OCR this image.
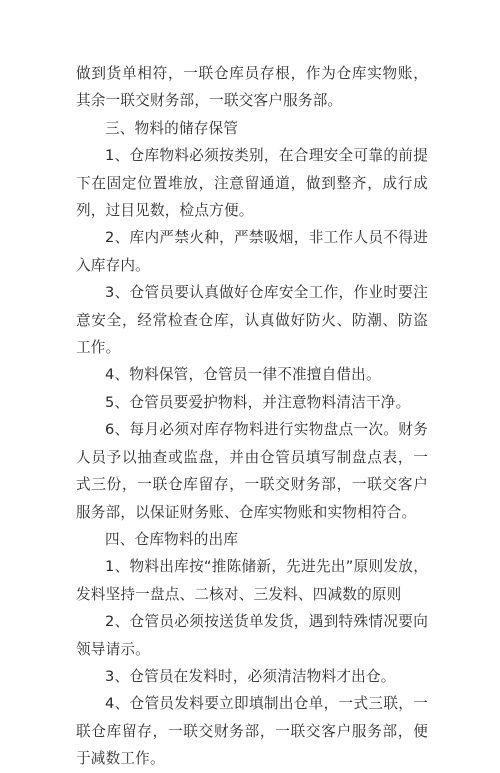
做到货单相符，一联仓库员存根，作为仓库实物账，其余一联交财务部，一联交客户服务部。

三、物料的储存保管

1、仓库物料必须按类别，在合理安全可靠的前提下在固定位置堆放，注意留通道，做到整齐，成行成列，过目见数，检点方便。

2、库内严禁火种，严禁吸烟，非工作人员不得进入库存内。

3、仓管员要认真做好仓库安全工作，作业时要注意安全，经常检查仓库，认真做好防火、防潮、防盗工作。

4、物料保管，仓管员一律不准擅自借出。

5、仓管员要爱护物料，并注意物料清洁干净。

6、每月必须对库存物料进行实物盘点一次。财务人员予以抽查或监盘，并由仓管员填写制盘点表，一式三份，一联仓库留存，一联交财务部，一联交客户服务部，以保证财务账、仓库实物账和实物相符合。

四、仓库物料的出库

1、物料出库按“推陈储新，先进先出”原则发放，发料坚持一盘点、二核对、三发料、四减数的原则

2、仓管员必须按送货单发货，遇到特殊情况要向领导请示。

3、仓管员在发料时，必须清洁物料才出仓。

4、仓管员发料要立即填制出仓单，一式三联，一联仓库留存，一联交财务部，一联交客户服务部，便于减数工作。
